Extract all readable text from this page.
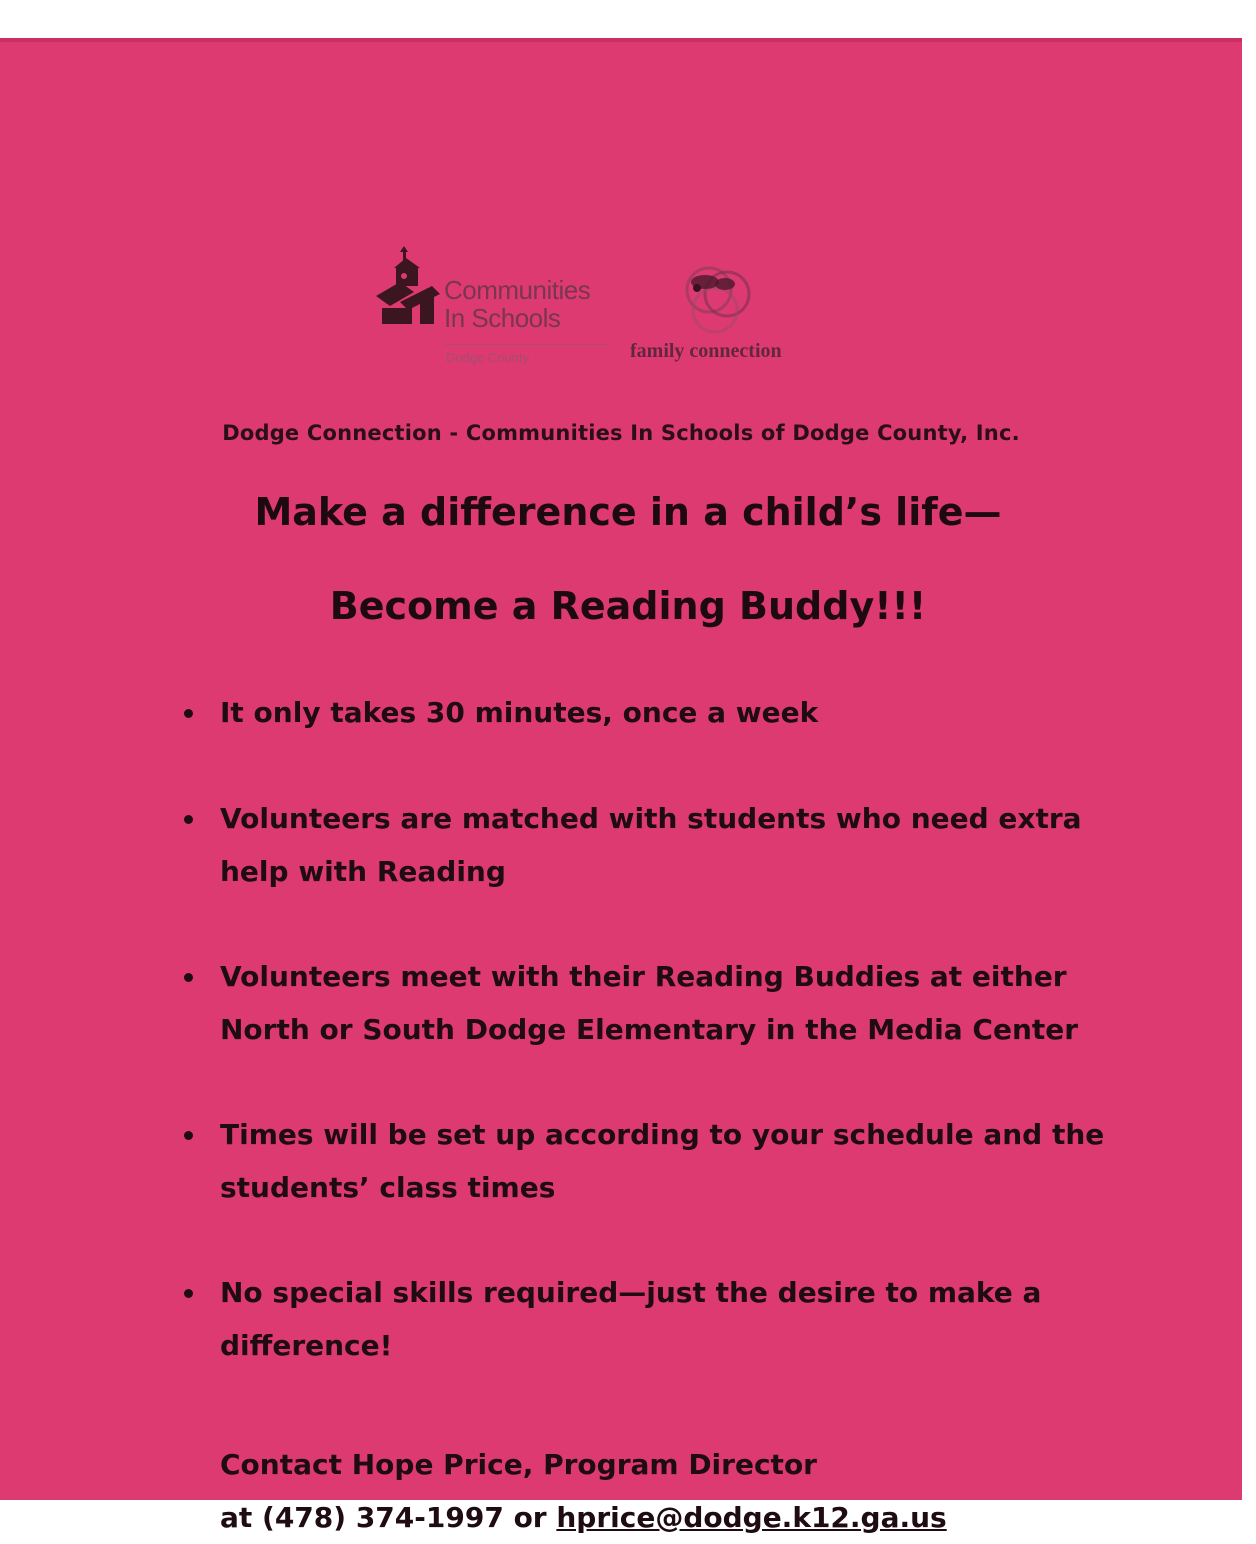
Communities
In Schools
Dodge County	family connection
Dodge Connection - Communities In Schools of Dodge County, Inc.
Make a difference in a child’s life—
Become a Reading Buddy!!!
It only takes 30 minutes, once a week
Volunteers are matched with students who need extra help with Reading
Volunteers meet with their Reading Buddies at either North or South Dodge Elementary in the Media Center
Times will be set up according to your schedule and the students’ class times
No special skills required—just the desire to make a difference!
Contact Hope Price, Program Director
at (478) 374-1997 or hprice@dodge.k12.ga.us
